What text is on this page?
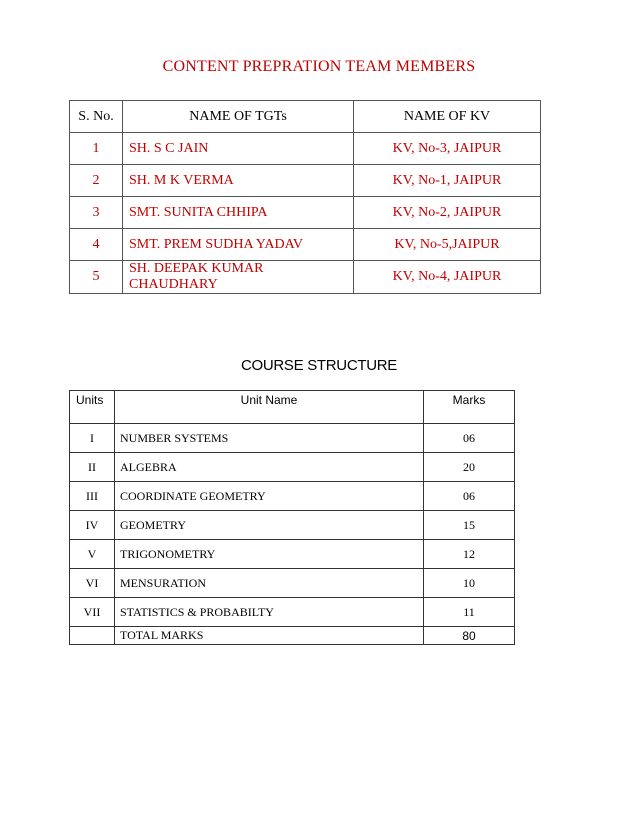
CONTENT PREPRATION TEAM MEMBERS
S. No.	NAME OF TGTs	NAME OF KV
1	SH. S C JAIN	KV, No-3, JAIPUR
2	SH. M K VERMA	KV, No-1, JAIPUR
3	SMT. SUNITA CHHIPA	KV, No-2, JAIPUR
4	SMT. PREM SUDHA YADAV	KV, No-5,JAIPUR
5	SH. DEEPAK KUMAR CHAUDHARY	KV, No-4, JAIPUR
COURSE STRUCTURE
Units	Unit Name	Marks
I	NUMBER SYSTEMS	06
II	ALGEBRA	20
III	COORDINATE GEOMETRY	06
IV	GEOMETRY	15
V	TRIGONOMETRY	12
VI	MENSURATION	10
VII	STATISTICS & PROBABILTY	11
	TOTAL MARKS	80
